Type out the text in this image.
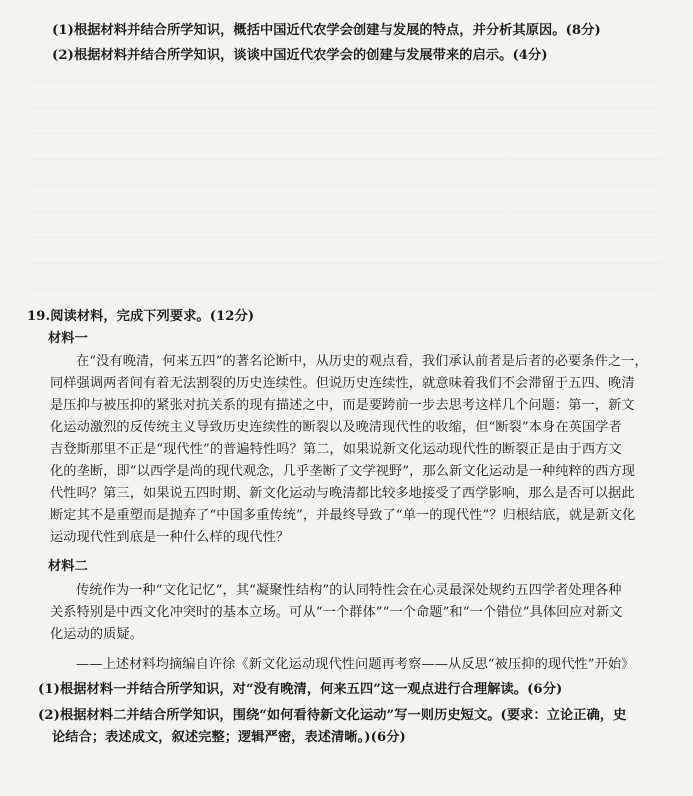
(1)根据材料并结合所学知识，概括中国近代农学会创建与发展的特点，并分析其原因。(8分)
(2)根据材料并结合所学知识，谈谈中国近代农学会的创建与发展带来的启示。(4分)
19.阅读材料，完成下列要求。(12分)
材料一
在“没有晚清，何来五四”的著名论断中，从历史的观点看，我们承认前者是后者的必要条件之一，
同样强调两者间有着无法割裂的历史连续性。但说历史连续性，就意味着我们不会滞留于五四、晚清
是压抑与被压抑的紧张对抗关系的现有描述之中，而是要跨前一步去思考这样几个问题：第一，新文
化运动激烈的反传统主义导致历史连续性的断裂以及晚清现代性的收缩，但“断裂”本身在英国学者
吉登斯那里不正是“现代性”的普遍特性吗？第二，如果说新文化运动现代性的断裂正是由于西方文
化的垄断，即“以西学是尚的现代观念，几乎垄断了文学视野”，那么新文化运动是一种纯粹的西方现
代性吗？第三，如果说五四时期、新文化运动与晚清都比较多地接受了西学影响，那么是否可以据此
断定其不是重塑而是抛弃了“中国多重传统”，并最终导致了“单一的现代性”？归根结底，就是新文化
运动现代性到底是一种什么样的现代性？
材料二
传统作为一种“文化记忆”，其“凝聚性结构”的认同特性会在心灵最深处规约五四学者处理各种
关系特别是中西文化冲突时的基本立场。可从“一个群体”“一个命题”和“一个错位”具体回应对新文
化运动的质疑。
——上述材料均摘编自许徐《新文化运动现代性问题再考察——从反思“被压抑的现代性”开始》
(1)根据材料一并结合所学知识，对“没有晚清，何来五四”这一观点进行合理解读。(6分)
(2)根据材料二并结合所学知识，围绕“如何看待新文化运动”写一则历史短文。(要求：立论正确，史
论结合；表述成文，叙述完整；逻辑严密，表述清晰。)(6分)
